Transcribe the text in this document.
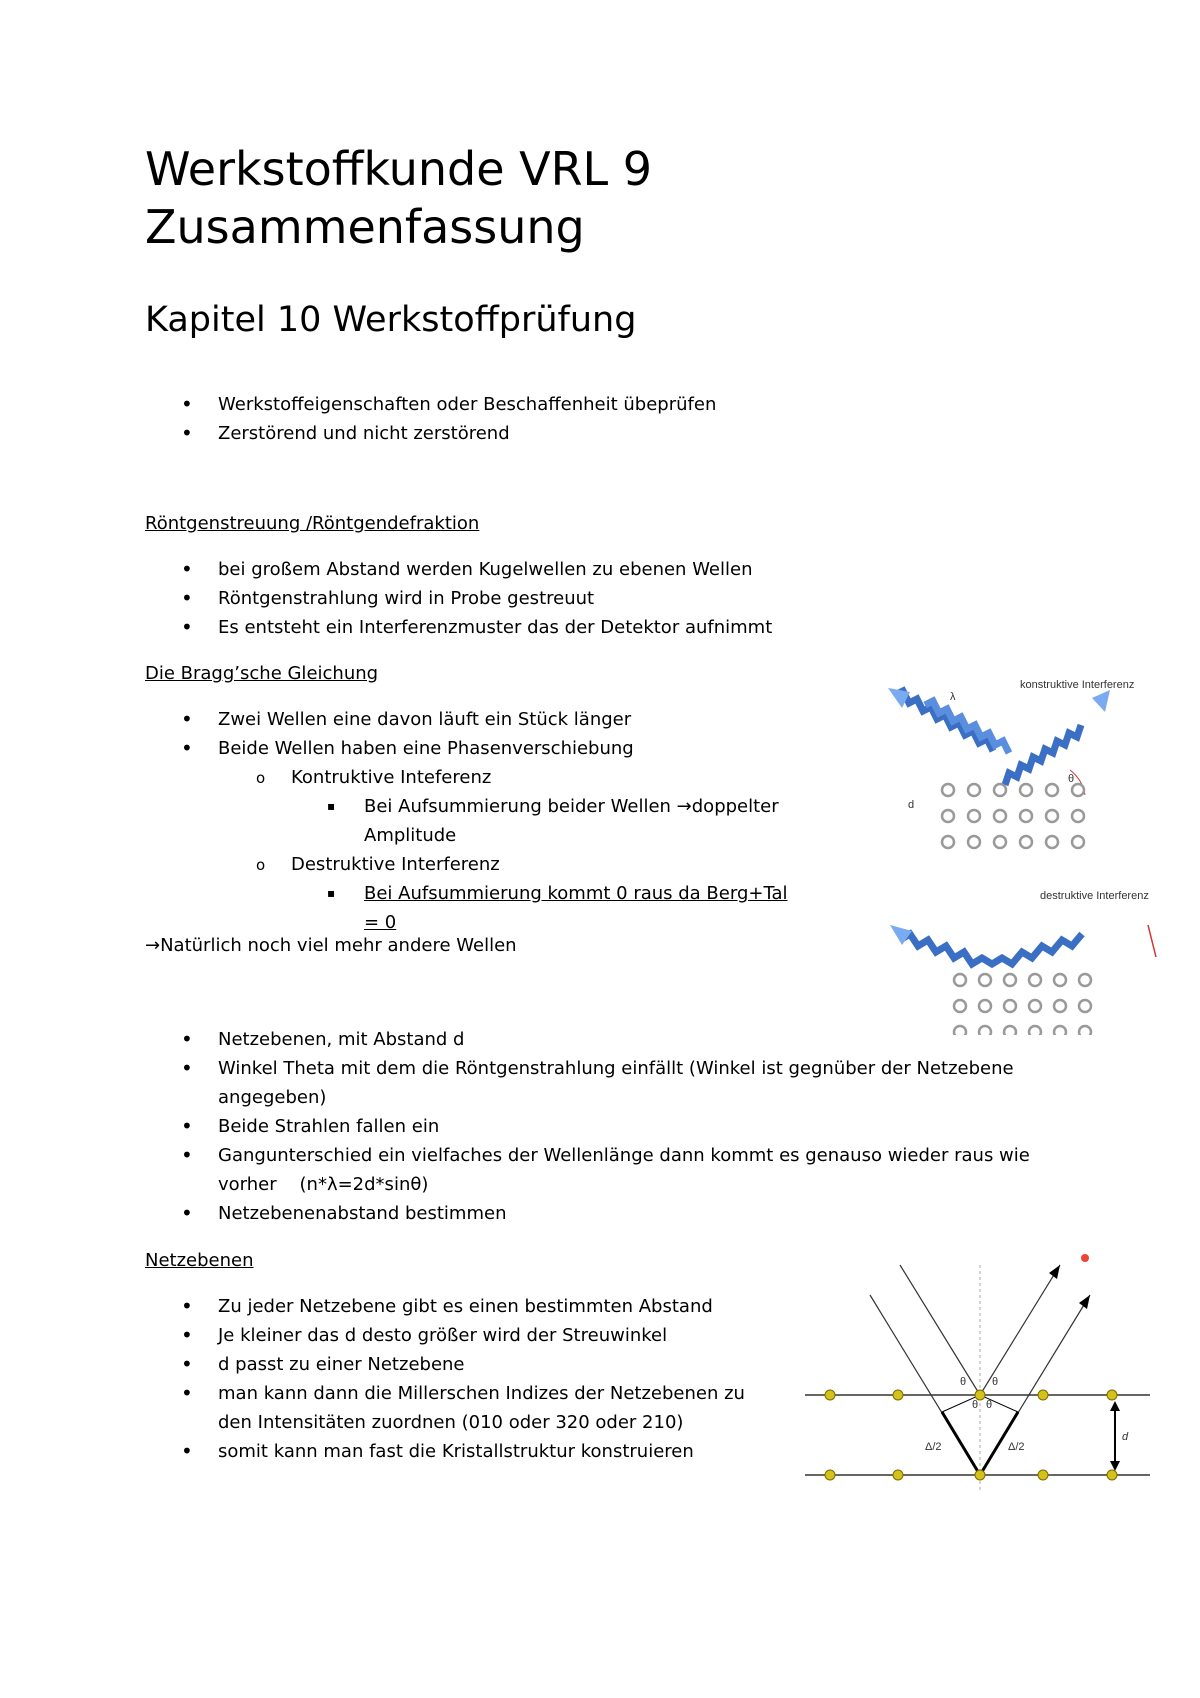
Werkstoffkunde VRL 9
Zusammenfassung
Kapitel 10 Werkstoffprüfung
• Werkstoffeigenschaften oder Beschaffenheit übeprüfen
• Zerstörend und nicht zerstörend

Röntgenstreuung /Röntgendefraktion

• bei großem Abstand werden Kugelwellen zu ebenen Wellen
• Röntgenstrahlung wird in Probe gestreuut
• Es entsteht ein Interferenzmuster das der Detektor aufnimmt

Die Bragg’sche Gleichung

• Zwei Wellen eine davon läuft ein Stück länger
• Beide Wellen haben eine Phasenverschiebung
o Kontruktive Inteferenz
▪ Bei Aufsummierung beider Wellen →doppelter Amplitude
o Destruktive Interferenz
▪ Bei Aufsummierung kommt 0 raus da Berg+Tal = 0
→Natürlich noch viel mehr andere Wellen
• Netzebenen, mit Abstand d
• Winkel Theta mit dem die Röntgenstrahlung einfällt (Winkel ist gegnüber der Netzebene angegeben)
• Beide Strahlen fallen ein
• Gangunterschied ein vielfaches der Wellenlänge dann kommt es genauso wieder raus wie vorher    (n*λ=2d*sinθ)
• Netzebenenabstand bestimmen

Netzebenen

• Zu jeder Netzebene gibt es einen bestimmten Abstand
• Je kleiner das d desto größer wird der Streuwinkel
• d passt zu einer Netzebene
• man kann dann die Millerschen Indizes der Netzebenen zu den Intensitäten zuordnen (010 oder 320 oder 210)
• somit kann man fast die Kristallstruktur konstruieren
konstruktive Interferenz
λ
θ
d
destruktive Interferenz
d
Δ/2	Δ/2
θ θ
θ θ
